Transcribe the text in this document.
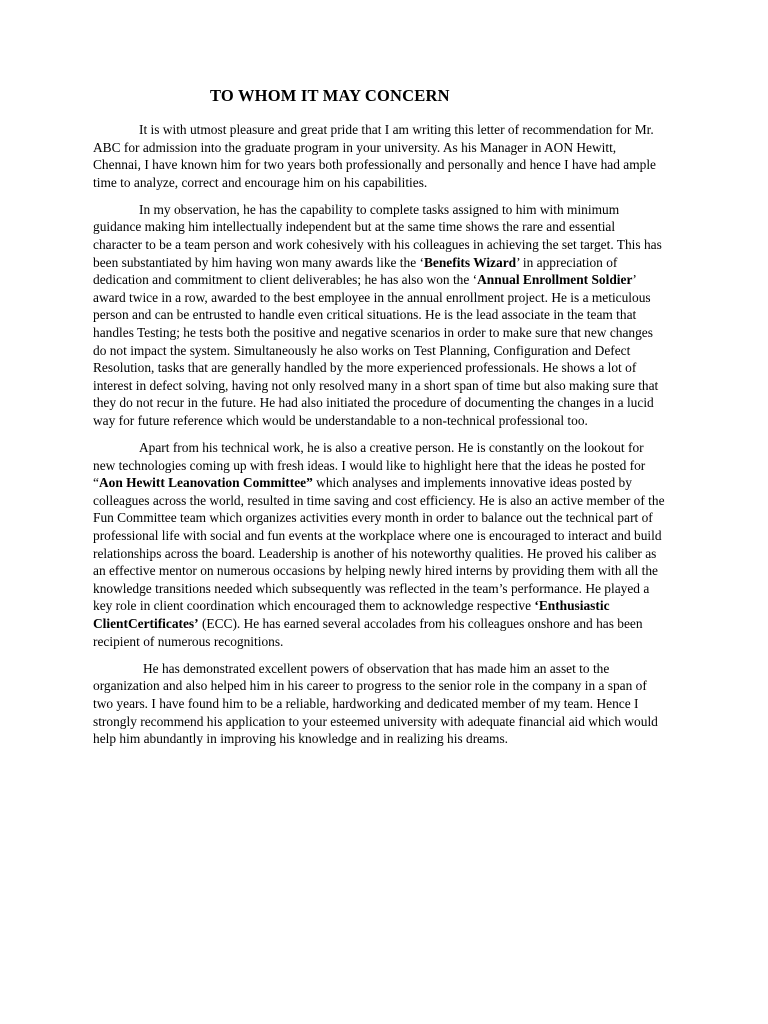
TO WHOM IT MAY CONCERN

It is with utmost pleasure and great pride that I am writing this letter of recommendation for Mr.
ABC for admission into the graduate program in your university. As his Manager in AON Hewitt,
Chennai, I have known him for two years both professionally and personally and hence I have had ample
time to analyze, correct and encourage him on his capabilities.

In my observation, he has the capability to complete tasks assigned to him with minimum
guidance making him intellectually independent but at the same time shows the rare and essential
character to be a team person and work cohesively with his colleagues in achieving the set target. This has
been substantiated by him having won many awards like the ‘Benefits Wizard’ in appreciation of
dedication and commitment to client deliverables; he has also won the ‘Annual Enrollment Soldier’
award twice in a row, awarded to the best employee in the annual enrollment project. He is a meticulous
person and can be entrusted to handle even critical situations. He is the lead associate in the team that
handles Testing; he tests both the positive and negative scenarios in order to make sure that new changes
do not impact the system. Simultaneously he also works on Test Planning, Configuration and Defect
Resolution, tasks that are generally handled by the more experienced professionals. He shows a lot of
interest in defect solving, having not only resolved many in a short span of time but also making sure that
they do not recur in the future. He had also initiated the procedure of documenting the changes in a lucid
way for future reference which would be understandable to a non-technical professional too.

Apart from his technical work, he is also a creative person. He is constantly on the lookout for
new technologies coming up with fresh ideas. I would like to highlight here that the ideas he posted for
“Aon Hewitt Leanovation Committee” which analyses and implements innovative ideas posted by
colleagues across the world, resulted in time saving and cost efficiency. He is also an active member of the
Fun Committee team which organizes activities every month in order to balance out the technical part of
professional life with social and fun events at the workplace where one is encouraged to interact and build
relationships across the board. Leadership is another of his noteworthy qualities. He proved his caliber as
an effective mentor on numerous occasions by helping newly hired interns by providing them with all the
knowledge transitions needed which subsequently was reflected in the team’s performance. He played a
key role in client coordination which encouraged them to acknowledge respective ‘Enthusiastic
ClientCertificates’ (ECC). He has earned several accolades from his colleagues onshore and has been
recipient of numerous recognitions.

He has demonstrated excellent powers of observation that has made him an asset to the
organization and also helped him in his career to progress to the senior role in the company in a span of
two years. I have found him to be a reliable, hardworking and dedicated member of my team. Hence I
strongly recommend his application to your esteemed university with adequate financial aid which would
help him abundantly in improving his knowledge and in realizing his dreams.
